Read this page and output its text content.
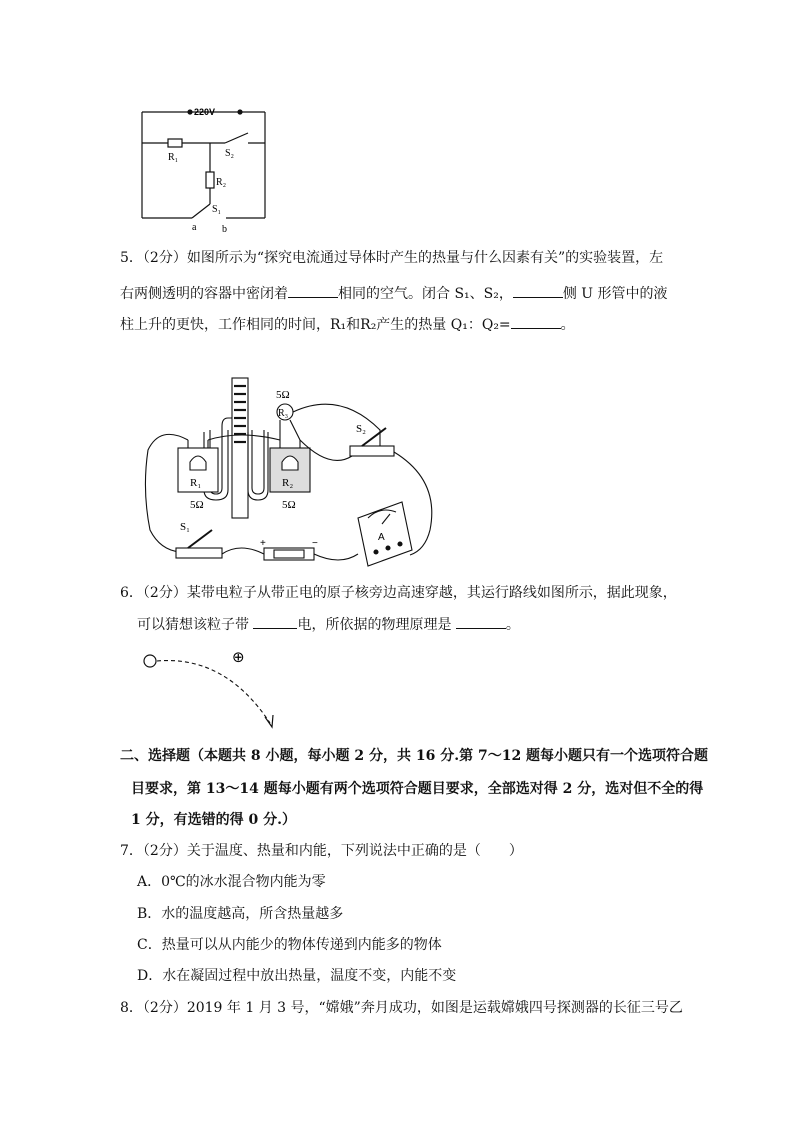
220V
R₁	S₂
R₂
S₁
a	b
5．（2分）如图所示为“探究电流通过导体时产生的热量与什么因素有关”的实验装置，左
右两侧透明的容器中密闭着	相同的空气。闭合 S₁、S₂，	侧 U 形管中的液
柱上升的更快，工作相同的时间，R₁和R₂产生的热量 Q₁：Q₂=	。
5Ω
R₃
S₂
R₁
5Ω
R₂
5Ω
S₁
+	−
A
6．（2分）某带电粒子从带正电的原子核旁边高速穿越，其运行路线如图所示，据此现象，
可以猜想该粒子带	电，所依据的物理原理是	。
⊕
二、选择题（本题共 8 小题，每小题 2 分，共 16 分.第 7～12 题每小题只有一个选项符合题
目要求，第 13～14 题每小题有两个选项符合题目要求，全部选对得 2 分，选对但不全的得
1 分，有选错的得 0 分.）
7．（2分）关于温度、热量和内能，下列说法中正确的是（　　）
A．0℃的冰水混合物内能为零
B．水的温度越高，所含热量越多
C．热量可以从内能少的物体传递到内能多的物体
D．水在凝固过程中放出热量，温度不变，内能不变
8．（2分）2019 年 1 月 3 号，“嫦娥”奔月成功，如图是运载嫦娥四号探测器的长征三号乙
